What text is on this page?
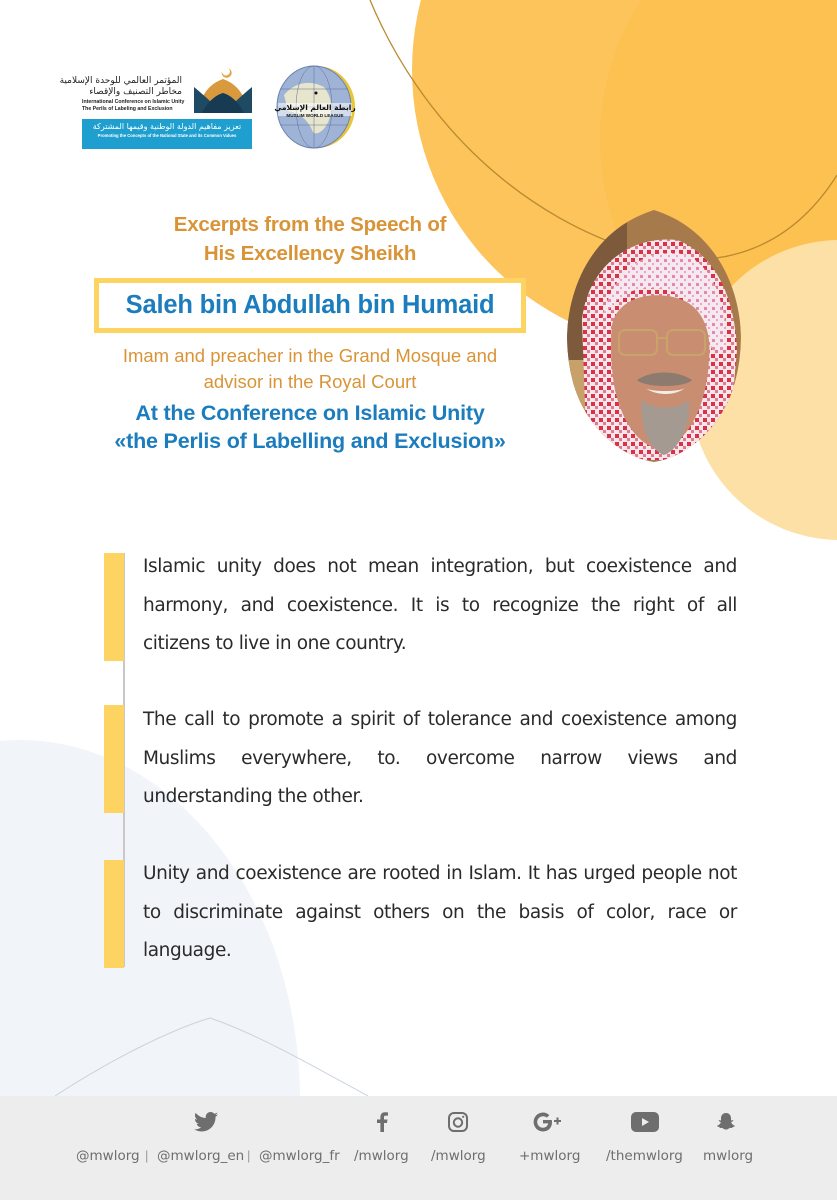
المؤتمر العالمي للوحدة الإسلامية
مخاطر التصنيف والإقصاء
International Conference on Islamic Unity
The Perils of Labeling and Exclusion
تعزيز مفاهيم الدولة الوطنية وقيمها المشتركة
Promoting the Concepts of the National State and its Common Values
رابطة العالم الإسلامي
MUSLIM WORLD LEAGUE
Excerpts from the Speech of
His Excellency Sheikh
Saleh bin Abdullah bin Humaid
Imam and preacher in the Grand Mosque and
advisor in the Royal Court
At the Conference on Islamic Unity
«the Perlis of Labelling and Exclusion»
Islamic unity does not mean integration, but coexistence and harmony, and coexistence. It is to recognize the right of all citizens to live in one country.
The call to promote a spirit of tolerance and coexistence among Muslims everywhere, to. overcome narrow views and understanding the other.
Unity and coexistence are rooted in Islam. It has urged people not to discriminate against others on the basis of color, race or language.
@mwlorg | @mwlorg_en | @mwlorg_fr /mwlorg /mwlorg +mwlorg /themwlorg mwlorg
